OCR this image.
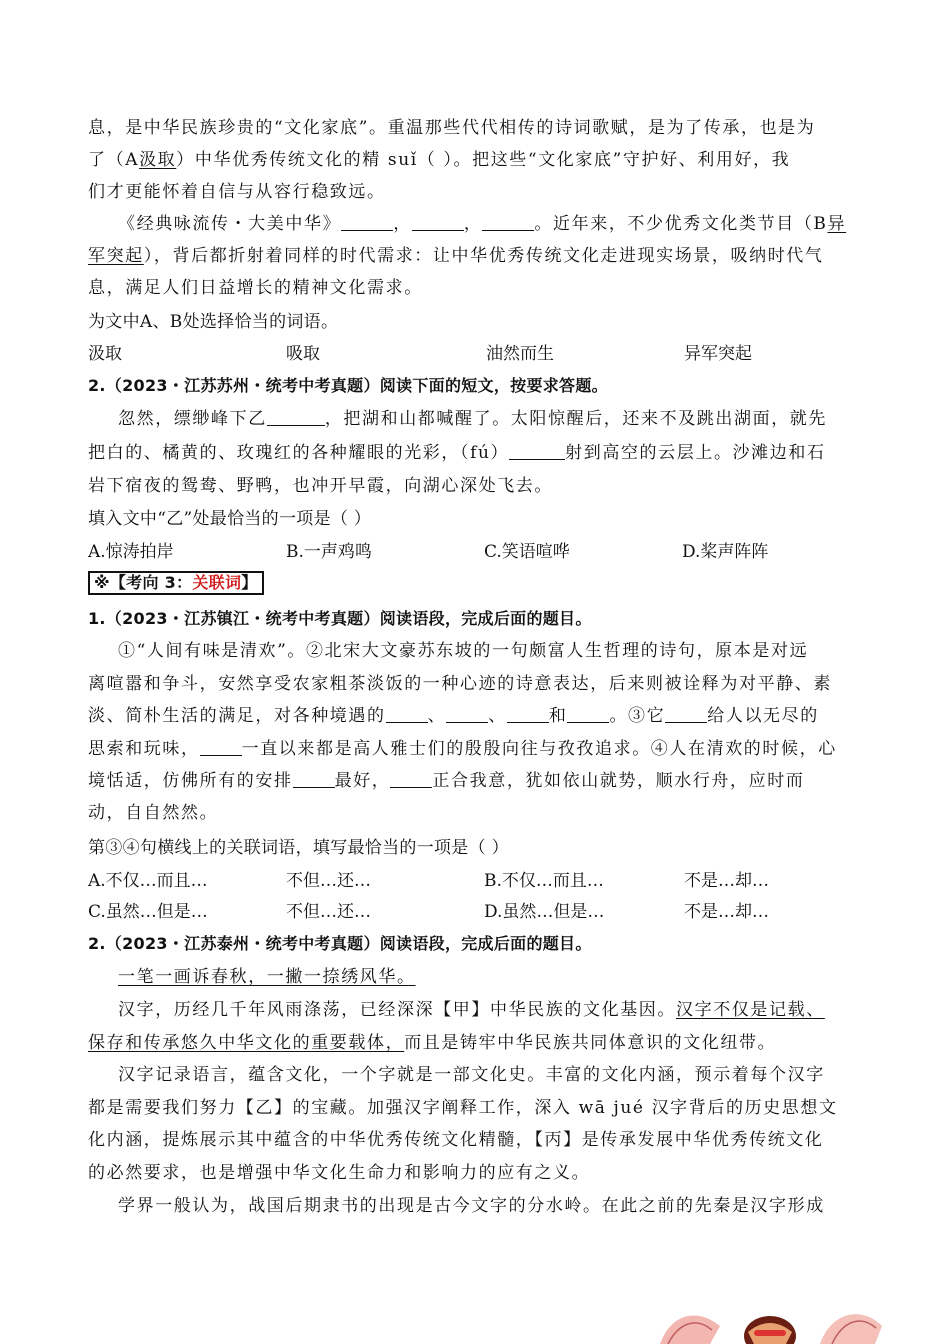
息，是中华民族珍贵的“文化家底”。重温那些代代相传的诗词歌赋，是为了传承，也是为
了（A汲取）中华优秀传统文化的精 suǐ（ ）。把这些“文化家底”守护好、利用好，我
们才更能怀着自信与从容行稳致远。
《经典咏流传・大美中华》	，	，	。近年来，不少优秀文化类节目（B异
军突起），背后都折射着同样的时代需求：让中华优秀传统文化走进现实场景，吸纳时代气
息，满足人们日益增长的精神文化需求。
为文中A、B处选择恰当的词语。
汲取	吸取	油然而生	异军突起
2.（2023・江苏苏州・统考中考真题）阅读下面的短文，按要求答题。
忽然，缥缈峰下乙	，把湖和山都喊醒了。太阳惊醒后，还来不及跳出湖面，就先
把白的、橘黄的、玫瑰红的各种耀眼的光彩，（fú）	射到高空的云层上。沙滩边和石
岩下宿夜的鸳鸯、野鸭，也冲开早霞，向湖心深处飞去。
填入文中“乙”处最恰当的一项是（ ）
A.惊涛拍岸	B.一声鸡鸣	C.笑语喧哗	D.桨声阵阵
※【考向 3：关联词】
1.（2023・江苏镇江・统考中考真题）阅读语段，完成后面的题目。
①“人间有味是清欢”。②北宋大文豪苏东坡的一句颇富人生哲理的诗句，原本是对远
离喧嚣和争斗，安然享受农家粗茶淡饭的一种心迹的诗意表达，后来则被诠释为对平静、素
淡、简朴生活的满足，对各种境遇的 、 、 和 。③它 给人以无尽的
思索和玩味， 一直以来都是高人雅士们的殷殷向往与孜孜追求。④人在清欢的时候，心
境恬适，仿佛所有的安排 最好， 正合我意，犹如依山就势，顺水行舟，应时而
动，自自然然。
第③④句横线上的关联词语，填写最恰当的一项是（ ）
A.不仅…而且…	不但…还…	B.不仅…而且…	不是…却…
C.虽然…但是…	不但…还…	D.虽然…但是…	不是…却…
2.（2023・江苏泰州・统考中考真题）阅读语段，完成后面的题目。
一笔一画诉春秋，一撇一捺绣风华。
汉字，历经几千年风雨涤荡，已经深深【甲】中华民族的文化基因。汉字不仅是记载、
保存和传承悠久中华文化的重要载体，而且是铸牢中华民族共同体意识的文化纽带。
汉字记录语言，蕴含文化，一个字就是一部文化史。丰富的文化内涵，预示着每个汉字
都是需要我们努力【乙】的宝藏。加强汉字阐释工作，深入 wā jué 汉字背后的历史思想文
化内涵，提炼展示其中蕴含的中华优秀传统文化精髓，【丙】是传承发展中华优秀传统文化
的必然要求，也是增强中华文化生命力和影响力的应有之义。
学界一般认为，战国后期隶书的出现是古今文字的分水岭。在此之前的先秦是汉字形成
